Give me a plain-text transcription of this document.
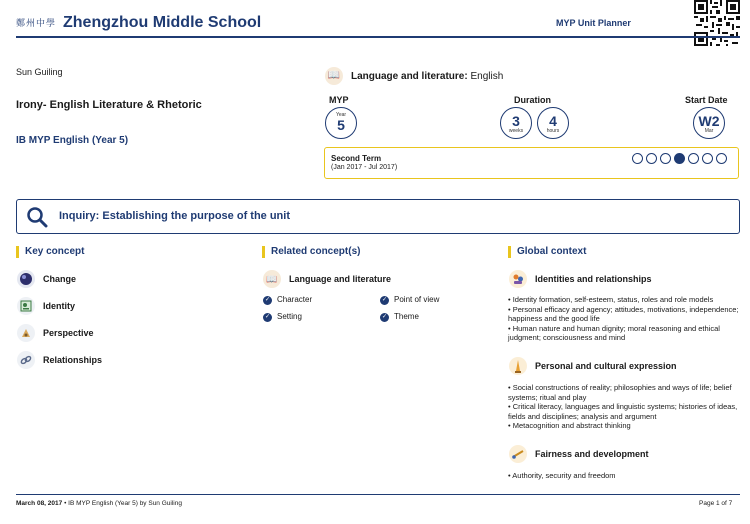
鄭州中學 Zhengzhou Middle School	MYP Unit Planner
Sun Guiling
Irony- English Literature & Rhetoric
IB MYP English (Year 5)
📖 Language and literature: English
MYP	Duration	Start Date
Year
5	3
weeks
4
hours
W2
Mar
Second Term
(Jan 2017 - Jul 2017)
Inquiry: Establishing the purpose of the unit
Key concept
Change
Identity
Perspective
Relationships
Related concept(s)
📖	Language and literature
✓ Character	✓ Point of view
✓ Setting	✓ Theme
Global context
Identities and relationships
• Identity formation, self-esteem, status, roles and role models
• Personal efficacy and agency; attitudes, motivations, independence; happiness and the good life
• Human nature and human dignity; moral reasoning and ethical judgment; consciousness and mind
Personal and cultural expression
• Social constructions of reality; philosophies and ways of life; belief systems; ritual and play
• Critical literacy, languages and linguistic systems; histories of ideas, fields and disciplines; analysis and argument
• Metacognition and abstract thinking
Fairness and development
• Authority, security and freedom
March 08, 2017 • IB MYP English (Year 5) by Sun Guiling	Page 1 of 7
